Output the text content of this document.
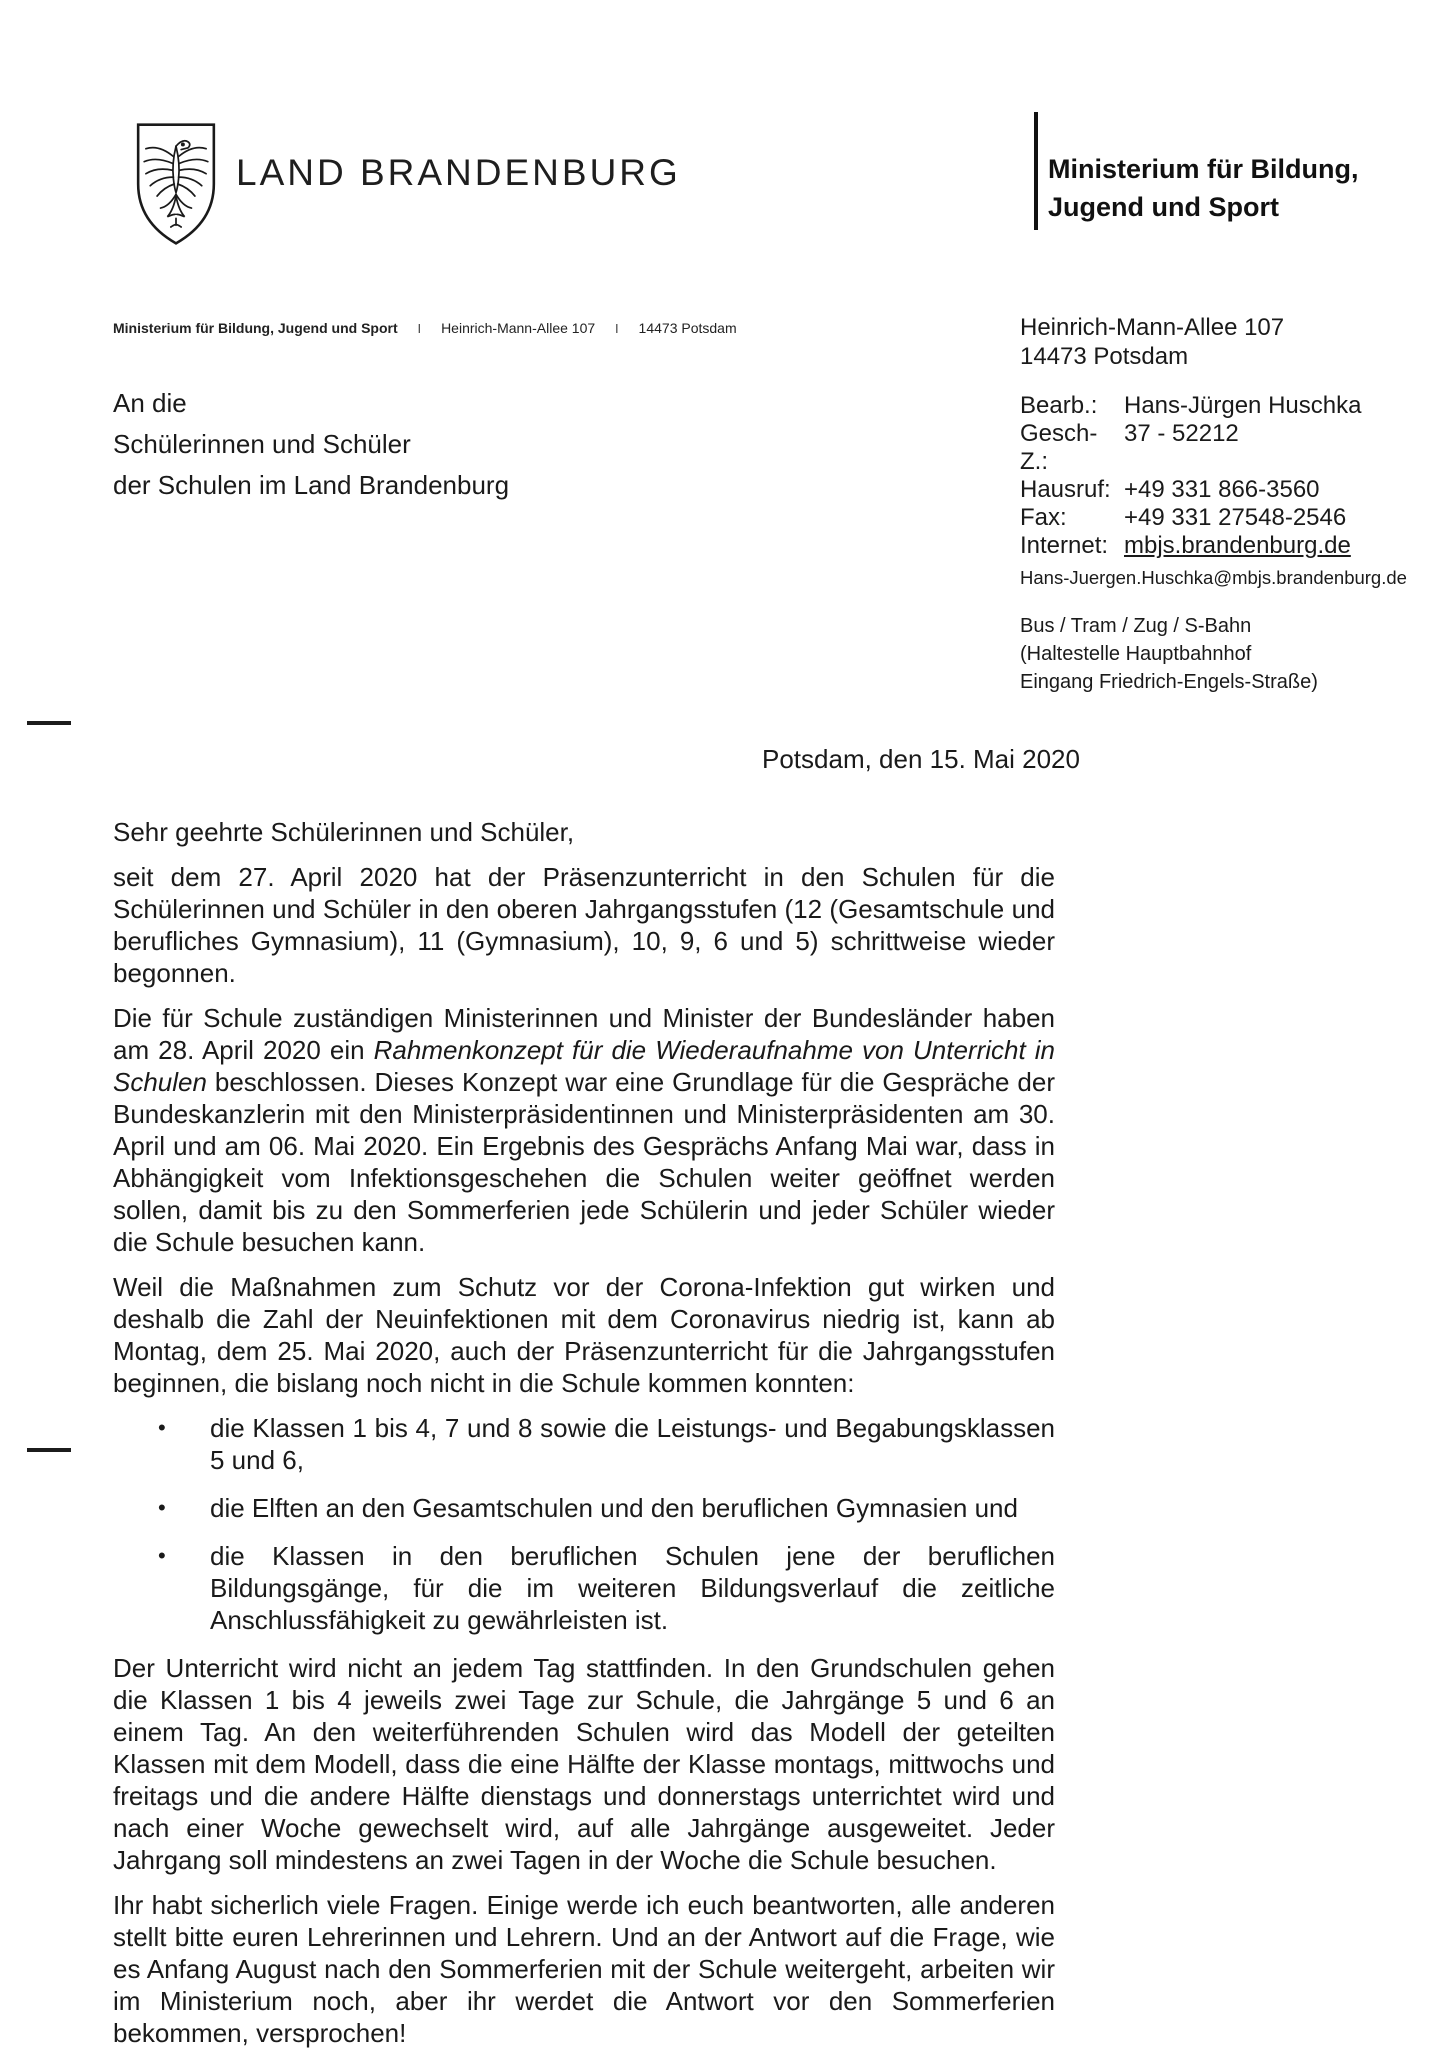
LAND BRANDENBURG	Ministerium für Bildung,
Jugend und Sport
Ministerium für Bildung, Jugend und Sport I Heinrich-Mann-Allee 107 I 14473 Potsdam
An die
Schülerinnen und Schüler
der Schulen im Land Brandenburg
Heinrich-Mann-Allee 107
14473 Potsdam
Bearb.:	Hans-Jürgen Huschka
Gesch-Z.:
37 - 52212
Hausruf: +49 331 866-3560
Fax:	+49 331 27548-2546
Internet: mbjs.brandenburg.de
Hans-Juergen.Huschka@mbjs.brandenburg.de
Bus / Tram / Zug / S-Bahn
(Haltestelle Hauptbahnhof
Eingang Friedrich-Engels-Straße)
Potsdam, den 15. Mai 2020

Sehr geehrte Schülerinnen und Schüler,

seit dem 27. April 2020 hat der Präsenzunterricht in den Schulen für die Schülerinnen und Schüler in den oberen Jahrgangsstufen (12 (Gesamtschule und berufliches Gymnasium), 11 (Gymnasium), 10, 9, 6 und 5) schrittweise wieder begonnen.

Die für Schule zuständigen Ministerinnen und Minister der Bundesländer haben am 28. April 2020 ein Rahmenkonzept für die Wiederaufnahme von Unterricht in Schulen beschlossen. Dieses Konzept war eine Grundlage für die Gespräche der Bundeskanzlerin mit den Ministerpräsidentinnen und Ministerpräsidenten am 30. April und am 06. Mai 2020. Ein Ergebnis des Gesprächs Anfang Mai war, dass in Abhängigkeit vom Infektionsgeschehen die Schulen weiter geöffnet werden sollen, damit bis zu den Sommerferien jede Schülerin und jeder Schüler wieder die Schule besuchen kann.

Weil die Maßnahmen zum Schutz vor der Corona-Infektion gut wirken und deshalb die Zahl der Neuinfektionen mit dem Coronavirus niedrig ist, kann ab Montag, dem 25. Mai 2020, auch der Präsenzunterricht für die Jahrgangsstufen beginnen, die bislang noch nicht in die Schule kommen konnten:

• die Klassen 1 bis 4, 7 und 8 sowie die Leistungs- und Begabungsklassen 5 und 6,
• die Elften an den Gesamtschulen und den beruflichen Gymnasien und
• die Klassen in den beruflichen Schulen jene der beruflichen Bildungsgänge, für die im weiteren Bildungsverlauf die zeitliche Anschlussfähigkeit zu gewährleisten ist.

Der Unterricht wird nicht an jedem Tag stattfinden. In den Grundschulen gehen die Klassen 1 bis 4 jeweils zwei Tage zur Schule, die Jahrgänge 5 und 6 an einem Tag. An den weiterführenden Schulen wird das Modell der geteilten Klassen mit dem Modell, dass die eine Hälfte der Klasse montags, mittwochs und freitags und die andere Hälfte dienstags und donnerstags unterrichtet wird und nach einer Woche gewechselt wird, auf alle Jahrgänge ausgeweitet. Jeder Jahrgang soll mindestens an zwei Tagen in der Woche die Schule besuchen.

Ihr habt sicherlich viele Fragen. Einige werde ich euch beantworten, alle anderen stellt bitte euren Lehrerinnen und Lehrern. Und an der Antwort auf die Frage, wie es Anfang August nach den Sommerferien mit der Schule weitergeht, arbeiten wir im Ministerium noch, aber ihr werdet die Antwort vor den Sommerferien bekommen, versprochen!
